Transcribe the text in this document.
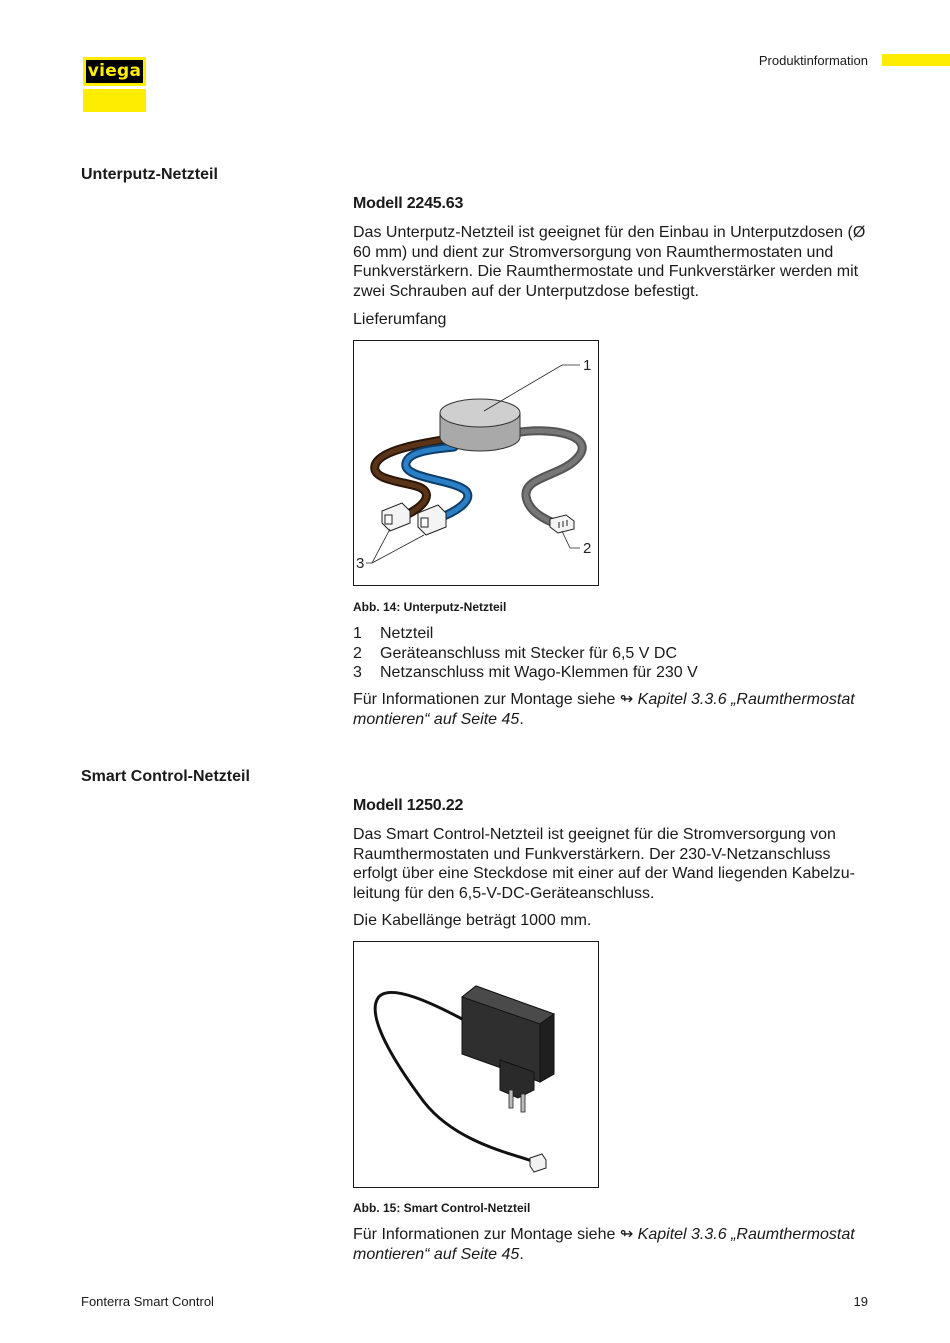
viega
Produktinformation
Unterputz-Netzteil
Modell 2245.63

Das Unterputz-Netzteil ist geeignet für den Einbau in Unterputzdosen (Ø 60 mm) und dient zur Stromversorgung von Raumthermostaten und Funkverstärkern. Die Raumthermostate und Funkverstärker werden mit zwei Schrauben auf der Unterputzdose befestigt.

Lieferumfang
1
2
3
Abb. 14: Unterputz-Netzteil
1	Netzteil
2	Geräteanschluss mit Stecker für 6,5 V DC
3	Netzanschluss mit Wago-Klemmen für 230 V

Für Informationen zur Montage siehe ↬ Kapitel 3.3.6 „Raumthermostat montieren“ auf Seite 45.

Smart Control-Netzteil
Modell 1250.22

Das Smart Control-Netzteil ist geeignet für die Stromversorgung von Raumthermostaten und Funkverstärkern. Der 230-V-Netzanschluss erfolgt über eine Steckdose mit einer auf der Wand liegenden Kabelzu-leitung für den 6,5-V-DC-Geräteanschluss.

Die Kabellänge beträgt 1000 mm.
Abb. 15: Smart Control-Netzteil

Für Informationen zur Montage siehe ↬ Kapitel 3.3.6 „Raumthermostat montieren“ auf Seite 45.

Fonterra Smart Control	19
